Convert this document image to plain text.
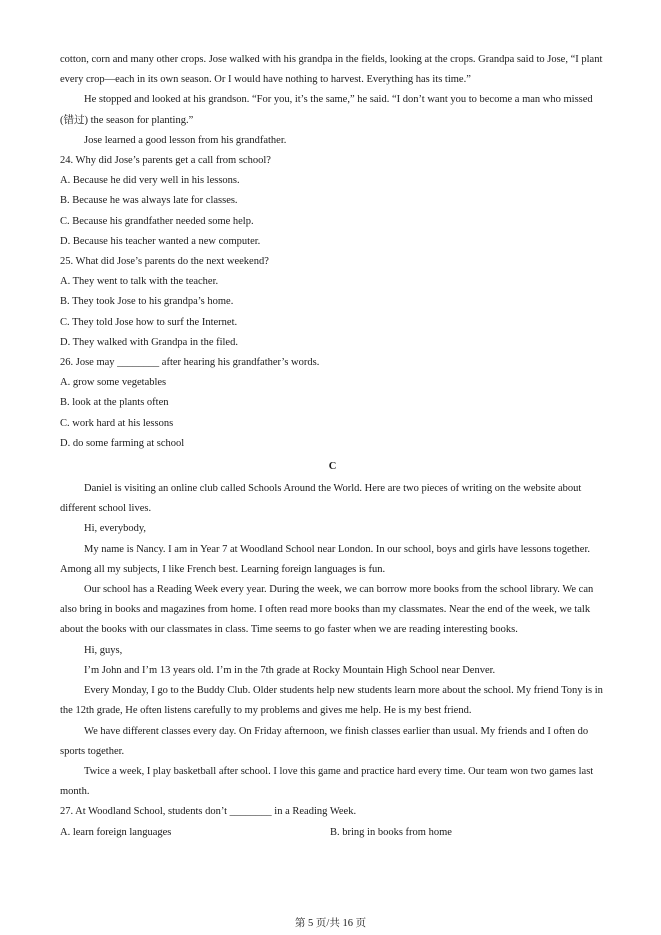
cotton, corn and many other crops. Jose walked with his grandpa in the fields, looking at the crops. Grandpa said to Jose, “I plant every crop—each in its own season. Or I would have nothing to harvest. Everything has its time.”

He stopped and looked at his grandson. “For you, it’s the same,” he said. “I don’t want you to become a man who missed (错过) the season for planting.”

Jose learned a good lesson from his grandfather.

24. Why did Jose’s parents get a call from school?

A. Because he did very well in his lessons.

B. Because he was always late for classes.

C. Because his grandfather needed some help.

D. Because his teacher wanted a new computer.

25. What did Jose’s parents do the next weekend?

A. They went to talk with the teacher.

B. They took Jose to his grandpa’s home.

C. They told Jose how to surf the Internet.

D. They walked with Grandpa in the filed.

26. Jose may ________ after hearing his grandfather’s words.

A. grow some vegetables

B. look at the plants often

C. work hard at his lessons

D. do some farming at school

C

Daniel is visiting an online club called Schools Around the World. Here are two pieces of writing on the website about different school lives.

Hi, everybody,

My name is Nancy. I am in Year 7 at Woodland School near London. In our school, boys and girls have lessons together. Among all my subjects, I like French best. Learning foreign languages is fun.

Our school has a Reading Week every year. During the week, we can borrow more books from the school library. We can also bring in books and magazines from home. I often read more books than my classmates. Near the end of the week, we talk about the books with our classmates in class. Time seems to go faster when we are reading interesting books.

Hi, guys,

I’m John and I’m 13 years old. I’m in the 7th grade at Rocky Mountain High School near Denver.

Every Monday, I go to the Buddy Club. Older students help new students learn more about the school. My friend Tony is in the 12th grade, He often listens carefully to my problems and gives me help. He is my best friend.

We have different classes every day. On Friday afternoon, we finish classes earlier than usual. My friends and I often do sports together.

Twice a week, I play basketball after school. I love this game and practice hard every time. Our team won two games last month.

27. At Woodland School, students don’t ________ in a Reading Week.

A. learn foreign languages	B. bring in books from home
第 5 页/共 16 页
